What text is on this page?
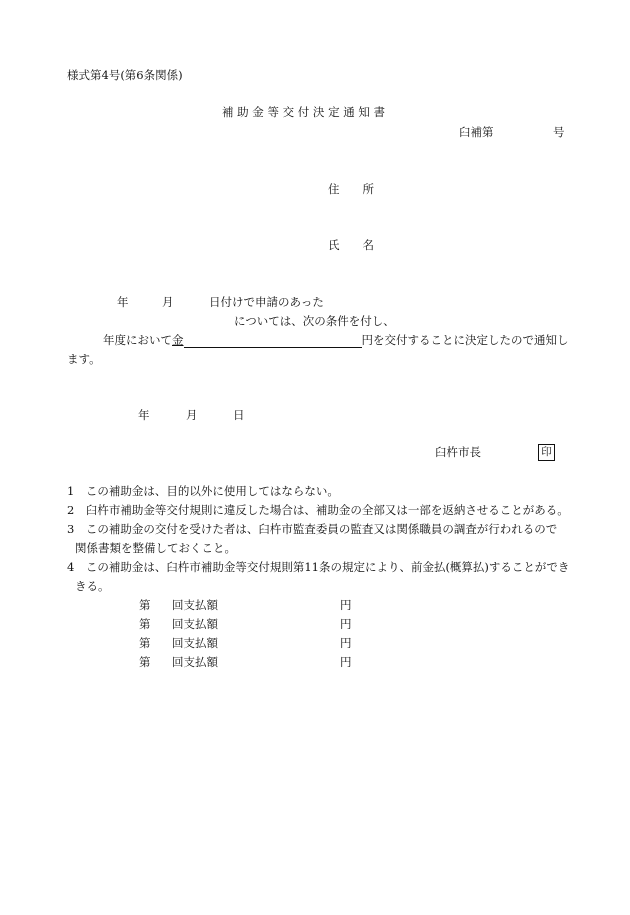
様式第4号(第6条関係)
補 助 金 等 交 付 決 定 通 知 書
臼補第	号
住　　所
氏　　名
年	月	日付けで申請のあった
については、次の条件を付し、
年度において金	円を交付することに決定したので通知し
ます。
年	月	日
臼杵市長	印
1　この補助金は、目的以外に使用してはならない。
2　臼杵市補助金等交付規則に違反した場合は、補助金の全部又は一部を返納させることがある。
3　この補助金の交付を受けた者は、臼杵市監査委員の監査又は関係職員の調査が行われるので
関係書類を整備しておくこと。
4　この補助金は、臼杵市補助金等交付規則第11条の規定により、前金払(概算払)することができ
きる。
第 回支払額	円
第 回支払額	円
第 回支払額	円
第 回支払額	円
